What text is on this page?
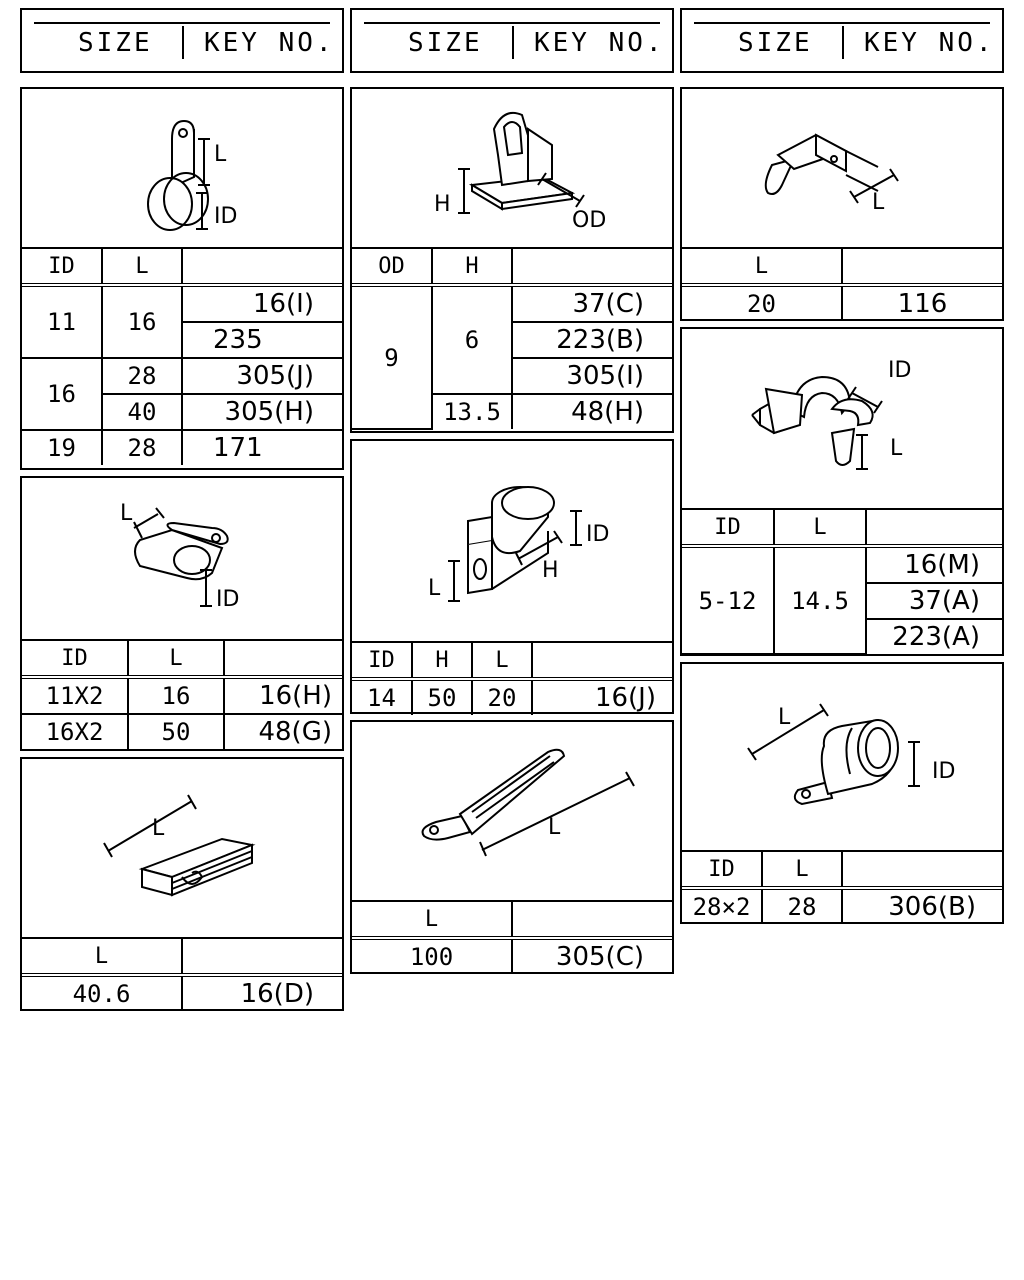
SIZE KEY NO.	SIZE KEY NO.	SIZE KEY NO.
L
ID
ID	L	
11	16	16(I)
		235
16	28	305(J)
	40	305(H)
19	28	171
L
ID
ID	L	
11X2	16	16(H)
16X2	50	48(G)
L
L	
40.6	16(D)
H
OD
OD	H	
9	6	37(C)
		223(B)
		305(I)
	13.5	48(H)
ID
H
L
ID	H	L	
14	50	20	16(J)
L
L	
100	305(C)
L
L	
20	116
ID
L
ID	L	
5-12	14.5	16(M)
		37(A)
		223(A)
L
ID
ID	L	
28×2	28	306(B)
